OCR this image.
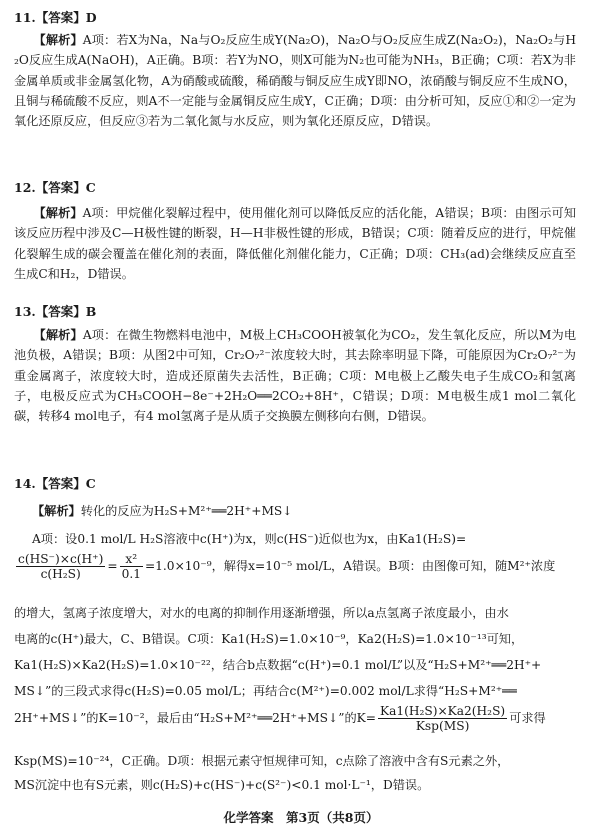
11.【答案】D
【解析】A项：若X为Na，Na与O₂反应生成Y(Na₂O)，Na₂O与O₂反应生成Z(Na₂O₂)，Na₂O₂与H₂O反应生成A(NaOH)，A正确。B项：若Y为NO，则X可能为N₂也可能为NH₃，B正确；C项：若X为非金属单质或非金属氢化物，A为硝酸或硫酸，稀硝酸与铜反应生成Y即NO，浓硝酸与铜反应不生成NO，且铜与稀硫酸不反应，则A不一定能与金属铜反应生成Y，C正确；D项：由分析可知，反应①和②一定为氧化还原反应，但反应③若为二氧化氮与水反应，则为氧化还原反应，D错误。
12.【答案】C
【解析】A项：甲烷催化裂解过程中，使用催化剂可以降低反应的活化能，A错误；B项：由图示可知该反应历程中涉及C—H极性键的断裂，H—H非极性键的形成，B错误；C项：随着反应的进行，甲烷催化裂解生成的碳会覆盖在催化剂的表面，降低催化剂催化能力，C正确；D项：CH₃(ad)会继续反应直至生成C和H₂，D错误。
13.【答案】B
【解析】A项：在微生物燃料电池中，M极上CH₃COOH被氧化为CO₂，发生氧化反应，所以M为电池负极，A错误；B项：从图2中可知，Cr₂O₇²⁻浓度较大时，其去除率明显下降，可能原因为Cr₂O₇²⁻为重金属离子，浓度较大时，造成还原菌失去活性，B正确；C项：M电极上乙酸失电子生成CO₂和氢离子，电极反应式为CH₃COOH−8e⁻+2H₂O══2CO₂+8H⁺，C错误；D项：M电极生成1 mol二氧化碳，转移4 mol电子，有4 mol氢离子是从质子交换膜左侧移向右侧，D错误。
14.【答案】C
【解析】转化的反应为H₂S+M²⁺══2H⁺+MS↓
A项：设0.1 mol/L H₂S溶液中c(H⁺)为x，则c(HS⁻)近似也为x，由Ka1(H₂S)=
$\frac{c(HS^-)\times c(H^+)}{\text{c(H₂S)}} = \frac{\text{x²}}{0.1} =1.0\times 10^{-9}$，解得x=10⁻⁵ mol/L，A错误。B项：由图像可知，随M²⁺浓度
的增大，氢离子浓度增大，对水的电离的抑制作用逐渐增强，所以a点氢离子浓度最小，由水
电离的c(H⁺)最大，C、B错误。C项：Ka1(H₂S)=1.0×10⁻⁹，Ka2(H₂S)=1.0×10⁻¹³可知，
Ka1(H₂S)×Ka2(H₂S)=1.0×10⁻²²，结合b点数据“c(H⁺)=0.1 mol/L”以及“H₂S+M²⁺══2H⁺+
MS↓”的三段式求得c(H₂S)=0.05 mol/L；再结合c(M²⁺)=0.002 mol/L求得“H₂S+M²⁺══
2H⁺+MS↓”的K=10⁻²，最后由“H₂S+M²⁺══2H⁺+MS↓”的$K= \frac{\text{Ka1(H₂S)×Ka2(H₂S)}}{\text{Ksp(MS)}}$ 可求得
Ksp(MS)=10⁻²⁴，C正确。D项：根据元素守恒规律可知，c点除了溶液中含有S元素之外，
MS沉淀中也有S元素，则c(H₂S)+c(HS⁻)+c(S²⁻)<0.1 mol·L⁻¹，D错误。
化学答案　第3页（共8页）
